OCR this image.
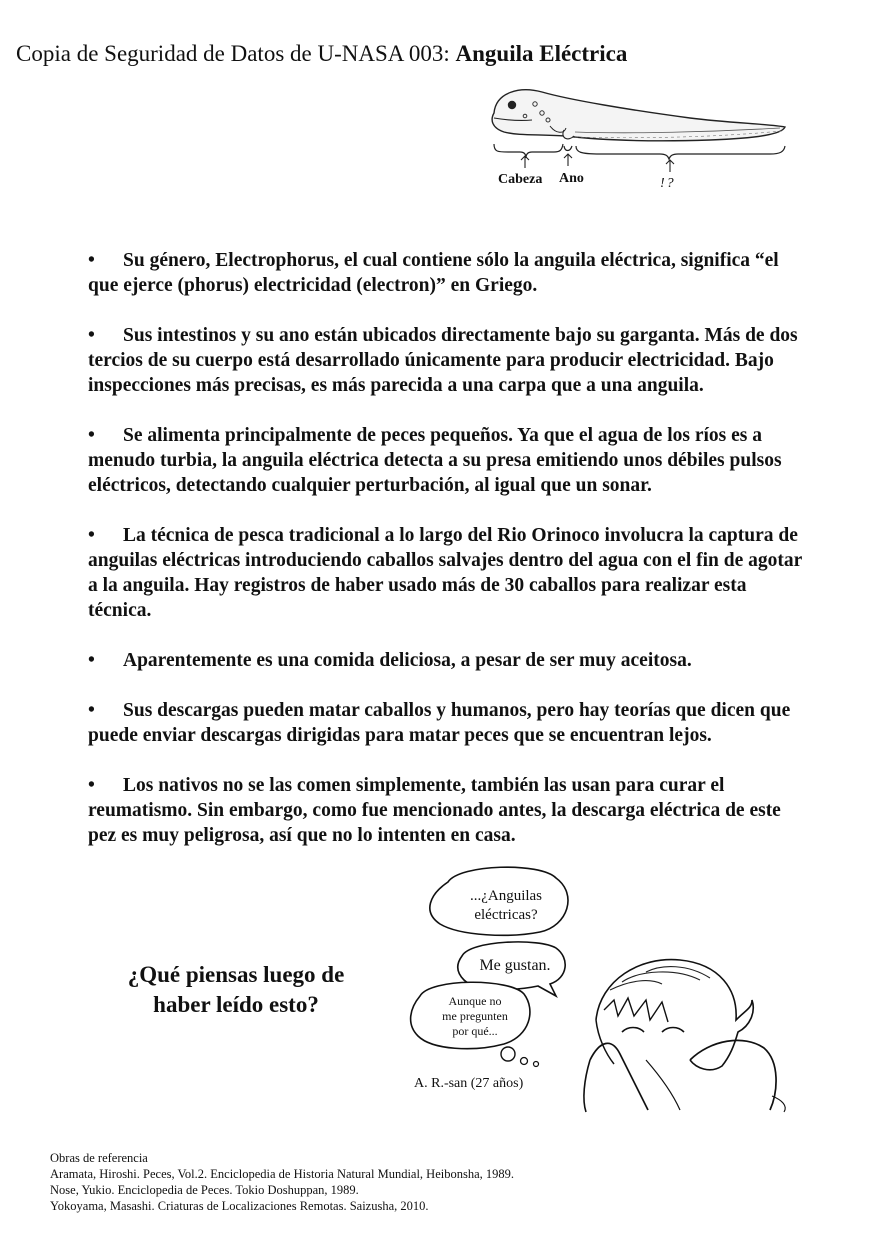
Copia de Seguridad de Datos de U-NASA 003: Anguila Eléctrica
Cabeza Ano	!?
• Su género, Electrophorus, el cual contiene sólo la anguila eléctrica, significa “el que ejerce (phorus) electricidad (electron)” en Griego.
• Sus intestinos y su ano están ubicados directamente bajo su garganta. Más de dos tercios de su cuerpo está desarrollado únicamente para producir electricidad. Bajo inspecciones más precisas, es más parecida a una carpa que a una anguila.
• Se alimenta principalmente de peces pequeños. Ya que el agua de los ríos es a menudo turbia, la anguila eléctrica detecta a su presa emitiendo unos débiles pulsos eléctricos, detectando cualquier perturbación, al igual que un sonar.
• La técnica de pesca tradicional a lo largo del Rio Orinoco involucra la captura de anguilas eléctricas introduciendo caballos salvajes dentro del agua con el fin de agotar a la anguila. Hay registros de haber usado más de 30 caballos para realizar esta técnica.
• Aparentemente es una comida deliciosa, a pesar de ser muy aceitosa.
• Sus descargas pueden matar caballos y humanos, pero hay teorías que dicen que puede enviar descargas dirigidas para matar peces que se encuentran lejos.
• Los nativos no se las comen simplemente, también las usan para curar el reumatismo. Sin embargo, como fue mencionado antes, la descarga eléctrica de este pez es muy peligrosa, así que no lo intenten en casa.
¿Qué piensas luego de
haber leído esto?
...¿Anguilas
eléctricas?
Me gustan.
Aunque no
me pregunten
por qué...
A. R.-san (27 años)

Obras de referencia

Aramata, Hiroshi. Peces, Vol.2. Enciclopedia de Historia Natural Mundial, Heibonsha, 1989.

Nose, Yukio. Enciclopedia de Peces. Tokio Doshuppan, 1989.

Yokoyama, Masashi. Criaturas de Localizaciones Remotas. Saizusha, 2010.
